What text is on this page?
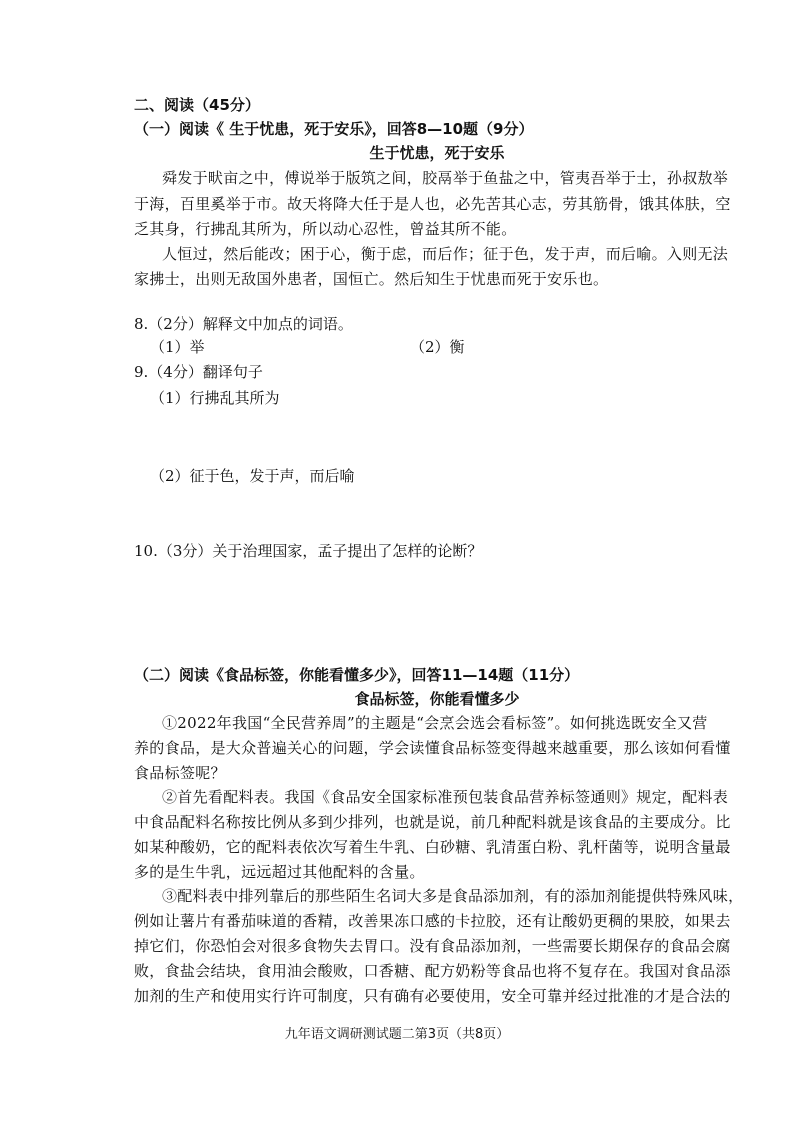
二、阅读（45分）
（一）阅读《 生于忧患，死于安乐》，回答8—10题（9分）
生于忧患，死于安乐
舜发于畎亩之中，傅说举于版筑之间，胶鬲举于鱼盐之中，管夷吾举于士，孙叔敖举
于海，百里奚举于市。故天将降大任于是人也，必先苦其心志，劳其筋骨，饿其体肤，空
乏其身，行拂乱其所为，所以动心忍性，曾益其所不能。
人恒过，然后能改；困于心，衡于虑，而后作；征于色，发于声，而后喻。入则无法
家拂士，出则无敌国外患者，国恒亡。然后知生于忧患而死于安乐也。
8.（2分）解释文中加点的词语。
（1）举	（2）衡
9.（4分）翻译句子
（1）行拂乱其所为
（2）征于色，发于声，而后喻
10.（3分）关于治理国家，孟子提出了怎样的论断？
（二）阅读《食品标签，你能看懂多少》，回答11—14题（11分）
食品标签，你能看懂多少
①2022年我国“全民营养周”的主题是“会烹会选会看标签”。如何挑选既安全又营
养的食品，是大众普遍关心的问题，学会读懂食品标签变得越来越重要，那么该如何看懂
食品标签呢？
②首先看配料表。我国《食品安全国家标准预包装食品营养标签通则》规定，配料表
中食品配料名称按比例从多到少排列，也就是说，前几种配料就是该食品的主要成分。比
如某种酸奶，它的配料表依次写着生牛乳、白砂糖、乳清蛋白粉、乳杆菌等，说明含量最
多的是生牛乳，远远超过其他配料的含量。
③配料表中排列靠后的那些陌生名词大多是食品添加剂，有的添加剂能提供特殊风味，
例如让薯片有番茄味道的香精，改善果冻口感的卡拉胶，还有让酸奶更稠的果胶，如果去
掉它们，你恐怕会对很多食物失去胃口。没有食品添加剂，一些需要长期保存的食品会腐
败，食盐会结块，食用油会酸败，口香糖、配方奶粉等食品也将不复存在。我国对食品添
加剂的生产和使用实行许可制度，只有确有必要使用，安全可靠并经过批准的才是合法的
九年语文调研测试题二第3页（共8页）
